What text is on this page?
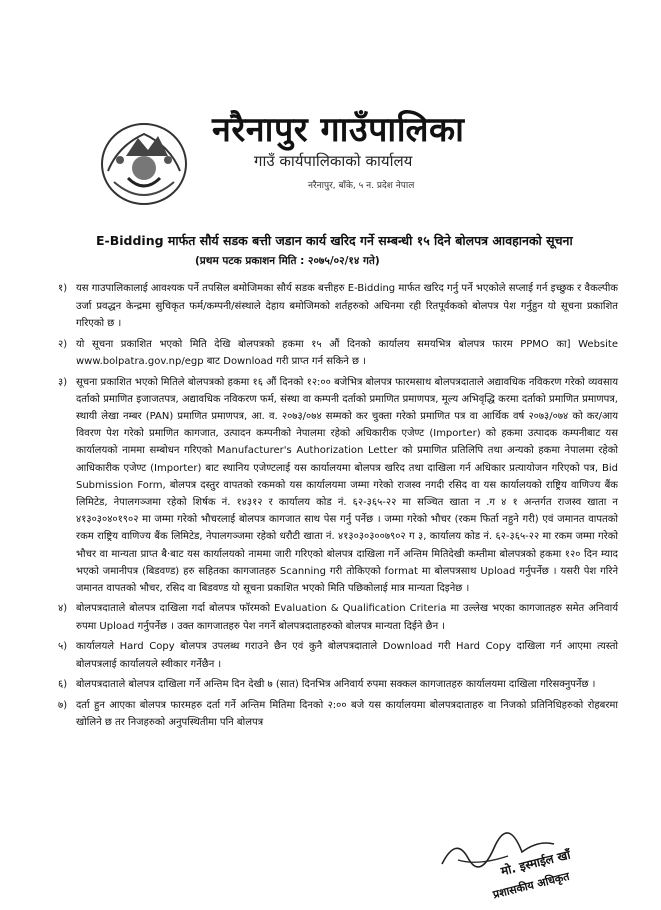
नरैनापुर गाउँपालिका
गाउँ कार्यपालिकाको कार्यालय
नरैनापुर, बाँके, ५ न. प्रदेश नेपाल
E-Bidding मार्फत सौर्य सडक बत्ती जडान कार्य खरिद गर्ने सम्बन्धी १५ दिने बोलपत्र आवहानको सूचना
(प्रथम पटक प्रकाशन मिति : २०७५/०२/१४ गते)
१) यस गाउपालिकालाई आवश्यक पर्ने तपसिल बमोजिमका सौर्य सडक बत्तीहरु E-Bidding मार्फत खरिद गर्नु पर्ने भएकोले सप्लाई गर्न इच्छुक र वैकल्पीक उर्जा प्रवद्धन केन्द्रमा सुचिकृत फर्म/कम्पनी/संस्थाले देहाय बमोजिमको शर्तहरुको अधिनमा रही रितपूर्वकको बोलपत्र पेश गर्नुहुन यो सूचना प्रकाशित गरिएको छ ।
२) यो सूचना प्रकाशित भएको मिति देखि बोलपत्रको हकमा १५ औं दिनको कार्यालय समयभित्र बोलपत्र फारम PPMO का] Website www.bolpatra.gov.np/egp बाट Download गरी प्राप्त गर्न सकिने छ ।
३) सूचना प्रकाशित भएको मितिले बोलपत्रको हकमा १६ औं दिनको १२:०० बजेभित्र बोलपत्र फारमसाथ बोलपत्रदाताले अद्यावधिक नविकरण गरेको व्यवसाय दर्ताको प्रमाणित इजाजतपत्र, अद्यावधिक नविकरण फर्म, संस्था वा कम्पनी दर्ताको प्रमाणित प्रमाणपत्र, मूल्य अभिवृद्धि करमा दर्ताको प्रमाणित प्रमाणपत्र, स्थायी लेखा नम्बर (PAN) प्रमाणित प्रमाणपत्र, आ. व. २०७३/०७४ सम्मको कर चुक्ता गरेको प्रमाणित पत्र वा आर्थिक वर्ष २०७३/०७४ को कर/आय विवरण पेश गरेको प्रमाणित कागजात, उत्पादन कम्पनीको नेपालमा रहेको अधिकारीक एजेण्ट (Importer) को हकमा उत्पादक कम्पनीबाट यस कार्यालयको नाममा सम्बोधन गरिएको Manufacturer's Authorization Letter को प्रमाणित प्रतिलिपि तथा अन्यको हकमा नेपालमा रहेको आधिकारीक एजेण्ट (Importer) बाट स्थानिय एजेण्टलाई यस कार्यालयमा बोलपत्र खरिद तथा दाखिला गर्न अधिकार प्रत्यायोजन गरिएको पत्र, Bid Submission Form, बोलपत्र दस्तुर वापतको रकमको यस कार्यालयमा जम्मा गरेको राजस्व नगदी रसिद वा यस कार्यालयको राष्ट्रिय वाणिज्य बैंक लिमिटेड, नेपालगञ्जमा रहेको शिर्षक नं. १४३१२ र कार्यालय कोड नं. ६२-३६५-२२ मा सञ्चित खाता न .ग ४ १ अन्तर्गत राजस्व खाता न ४१३०३०४०१९०२ मा जम्मा गरेको भौचरलाई बोलपत्र कागजात साथ पेस गर्नु पर्नेछ । जम्मा गरेको भौचर (रकम फिर्ता नहुने गरी) एवं जमानत वापतको रकम राष्ट्रिय वाणिज्य बैंक लिमिटेड, नेपालगञ्जमा रहेको धरौटी खाता नं. ४१३०३०३००७९०२ ग ३, कार्यालय कोड नं. ६२-३६५-२२ मा रकम जम्मा गरेको भौचर वा मान्यता प्राप्त बै·बाट यस कार्यालयको नाममा जारी गरिएको बोलपत्र दाखिला गर्ने अन्तिम मितिदेखी कम्तीमा बोलपत्रको हकमा १२० दिन म्याद भएको जमानीपत्र (बिडवण्ड) हरु सहितका कागजातहरु Scanning गरी तोकिएको format मा बोलपत्रसाथ Upload गर्नुपर्नेछ । यसरी पेश गरिने जमानत वापतको भौचर, रसिद वा बिडवण्ड यो सूचना प्रकाशित भएको मिति पछिकोलाई मात्र मान्यता दिइनेछ ।
४) बोलपत्रदाताले बोलपत्र दाखिला गर्दा बोलपत्र फॉरमको Evaluation & Qualification Criteria मा उल्लेख भएका कागजातहरु समेत अनिवार्य रुपमा Upload गर्नुपर्नेछ । उक्त कागजातहरु पेश नगर्ने बोलपत्रदाताहरुको बोलपत्र मान्यता दिईने छैन ।
५) कार्यालयले Hard Copy बोलपत्र उपलब्ध गराउने छैन एवं कुनै बोलपत्रदाताले Download गरी Hard Copy दाखिला गर्न आएमा त्यस्तो बोलपत्रलाई कार्यालयले स्वीकार गर्नेछैन ।
६) बोलपत्रदाताले बोलपत्र दाखिला गर्ने अन्तिम दिन देखी ७ (सात) दिनभित्र अनिवार्य रुपमा सक्कल कागजातहरु कार्यालयमा दाखिला गरिसक्नुपर्नेछ ।
७) दर्ता हुन आएका बोलपत्र फारमहरु दर्ता गर्ने अन्तिम मितिमा दिनको २:०० बजे यस कार्यालयमा बोलपत्रदाताहरु वा निजको प्रतिनिधिहरुको रोहबरमा खोलिने छ तर निजहरुको अनुपस्थितीमा पनि बोलपत्र
मो. इस्माईल खाँ
प्रशासकीय अधिकृत
